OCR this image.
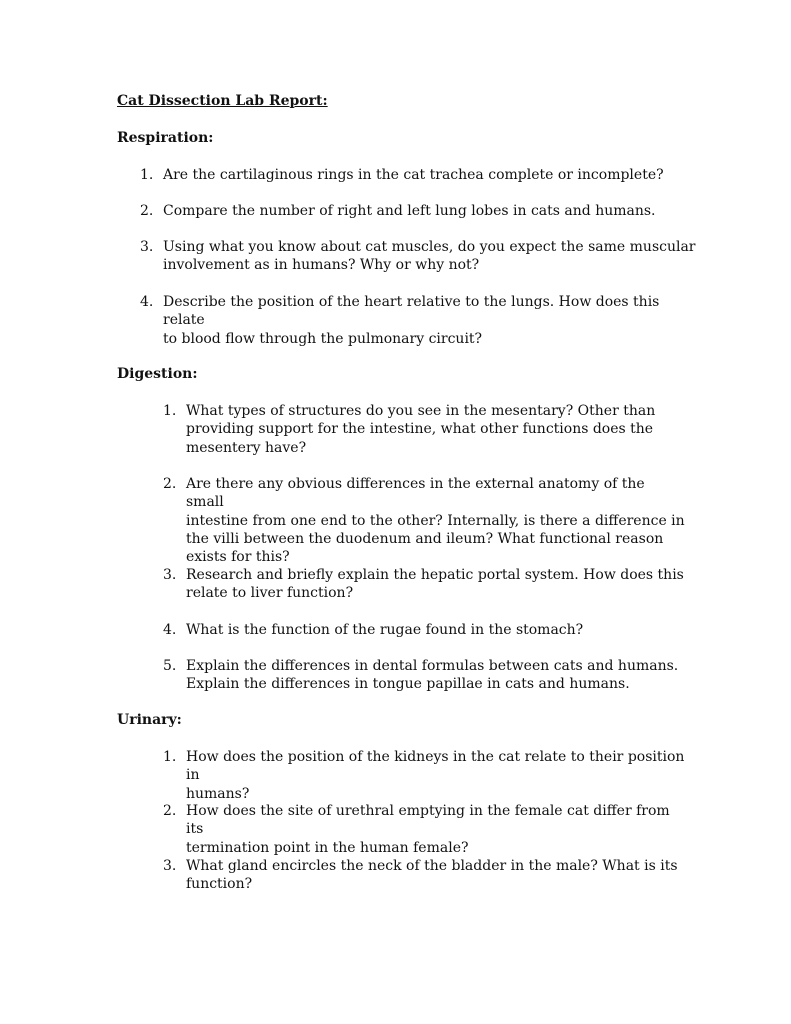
Cat Dissection Lab Report:
Respiration:
1. Are the cartilaginous rings in the cat trachea complete or incomplete?
2. Compare the number of right and left lung lobes in cats and humans.
3. Using what you know about cat muscles, do you expect the same muscular
involvement as in humans? Why or why not?
4. Describe the position of the heart relative to the lungs. How does this relate
to blood flow through the pulmonary circuit?
Digestion:
1. What types of structures do you see in the mesentary? Other than
providing support for the intestine, what other functions does the
mesentery have?
2. Are there any obvious differences in the external anatomy of the small
intestine from one end to the other? Internally, is there a difference in
the villi between the duodenum and ileum? What functional reason
exists for this?
3. Research and briefly explain the hepatic portal system. How does this
relate to liver function?
4. What is the function of the rugae found in the stomach?
5. Explain the differences in dental formulas between cats and humans.
Explain the differences in tongue papillae in cats and humans.
Urinary:
1. How does the position of the kidneys in the cat relate to their position in
humans?
2. How does the site of urethral emptying in the female cat differ from its
termination point in the human female?
3. What gland encircles the neck of the bladder in the male? What is its
function?
